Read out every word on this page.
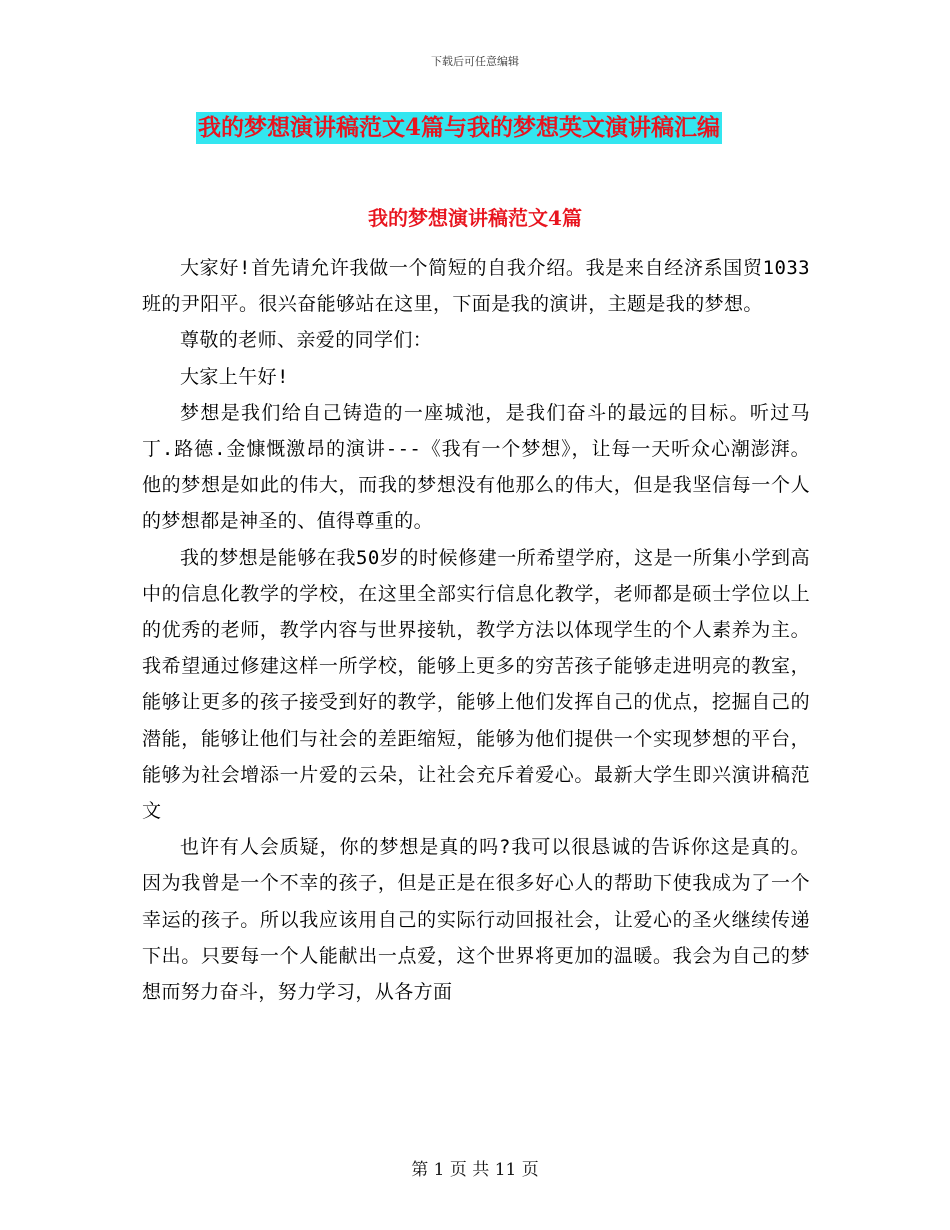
下载后可任意编辑
我的梦想演讲稿范文4篇与我的梦想英文演讲稿汇编
我的梦想演讲稿范文4篇

大家好!首先请允许我做一个简短的自我介绍。我是来自经济系国贸1033班的尹阳平。很兴奋能够站在这里，下面是我的演讲，主题是我的梦想。

尊敬的老师、亲爱的同学们：

大家上午好!

梦想是我们给自己铸造的一座城池，是我们奋斗的最远的目标。听过马丁.路德.金慷慨激昂的演讲---《我有一个梦想》，让每一天听众心潮澎湃。他的梦想是如此的伟大，而我的梦想没有他那么的伟大，但是我坚信每一个人的梦想都是神圣的、值得尊重的。

我的梦想是能够在我50岁的时候修建一所希望学府，这是一所集小学到高中的信息化教学的学校，在这里全部实行信息化教学，老师都是硕士学位以上的优秀的老师，教学内容与世界接轨，教学方法以体现学生的个人素养为主。我希望通过修建这样一所学校，能够上更多的穷苦孩子能够走进明亮的教室，能够让更多的孩子接受到好的教学，能够上他们发挥自己的优点，挖掘自己的潜能，能够让他们与社会的差距缩短，能够为他们提供一个实现梦想的平台，能够为社会增添一片爱的云朵，让社会充斥着爱心。最新大学生即兴演讲稿范文

也许有人会质疑，你的梦想是真的吗?我可以很恳诚的告诉你这是真的。因为我曾是一个不幸的孩子，但是正是在很多好心人的帮助下使我成为了一个幸运的孩子。所以我应该用自己的实际行动回报社会，让爱心的圣火继续传递下出。只要每一个人能献出一点爱，这个世界将更加的温暖。我会为自己的梦想而努力奋斗，努力学习，从各方面

第 1 页 共 11 页
